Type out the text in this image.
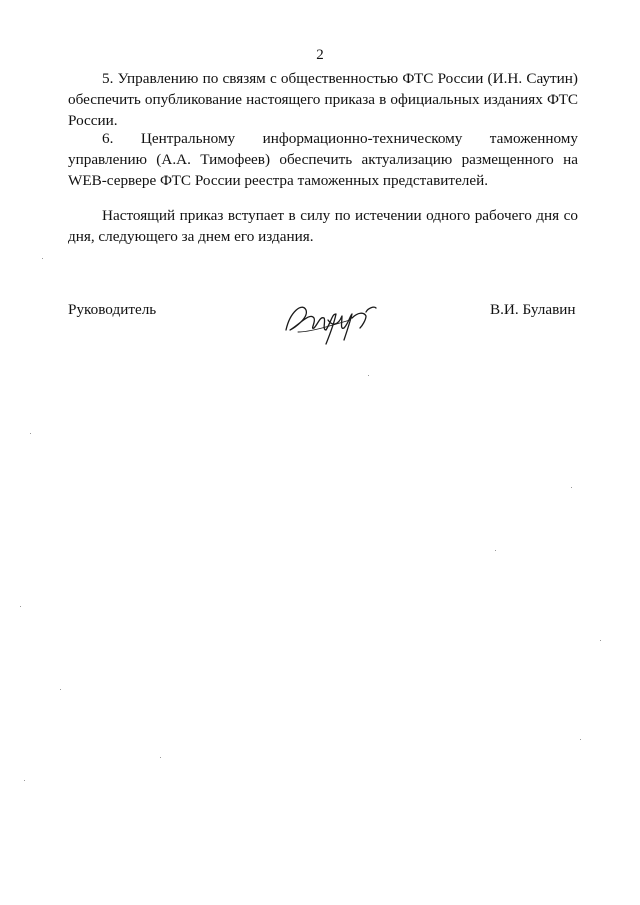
2

5. Управлению по связям с общественностью ФТС России (И.Н. Саутин) обеспечить опубликование настоящего приказа в официальных изданиях ФТС России.

6. Центральному информационно-техническому таможенному управлению (А.А. Тимофеев) обеспечить актуализацию размещенного на WEB-сервере ФТС России реестра таможенных представителей.

Настоящий приказ вступает в силу по истечении одного рабочего дня со дня, следующего за днем его издания.

Руководитель	В.И. Булавин
